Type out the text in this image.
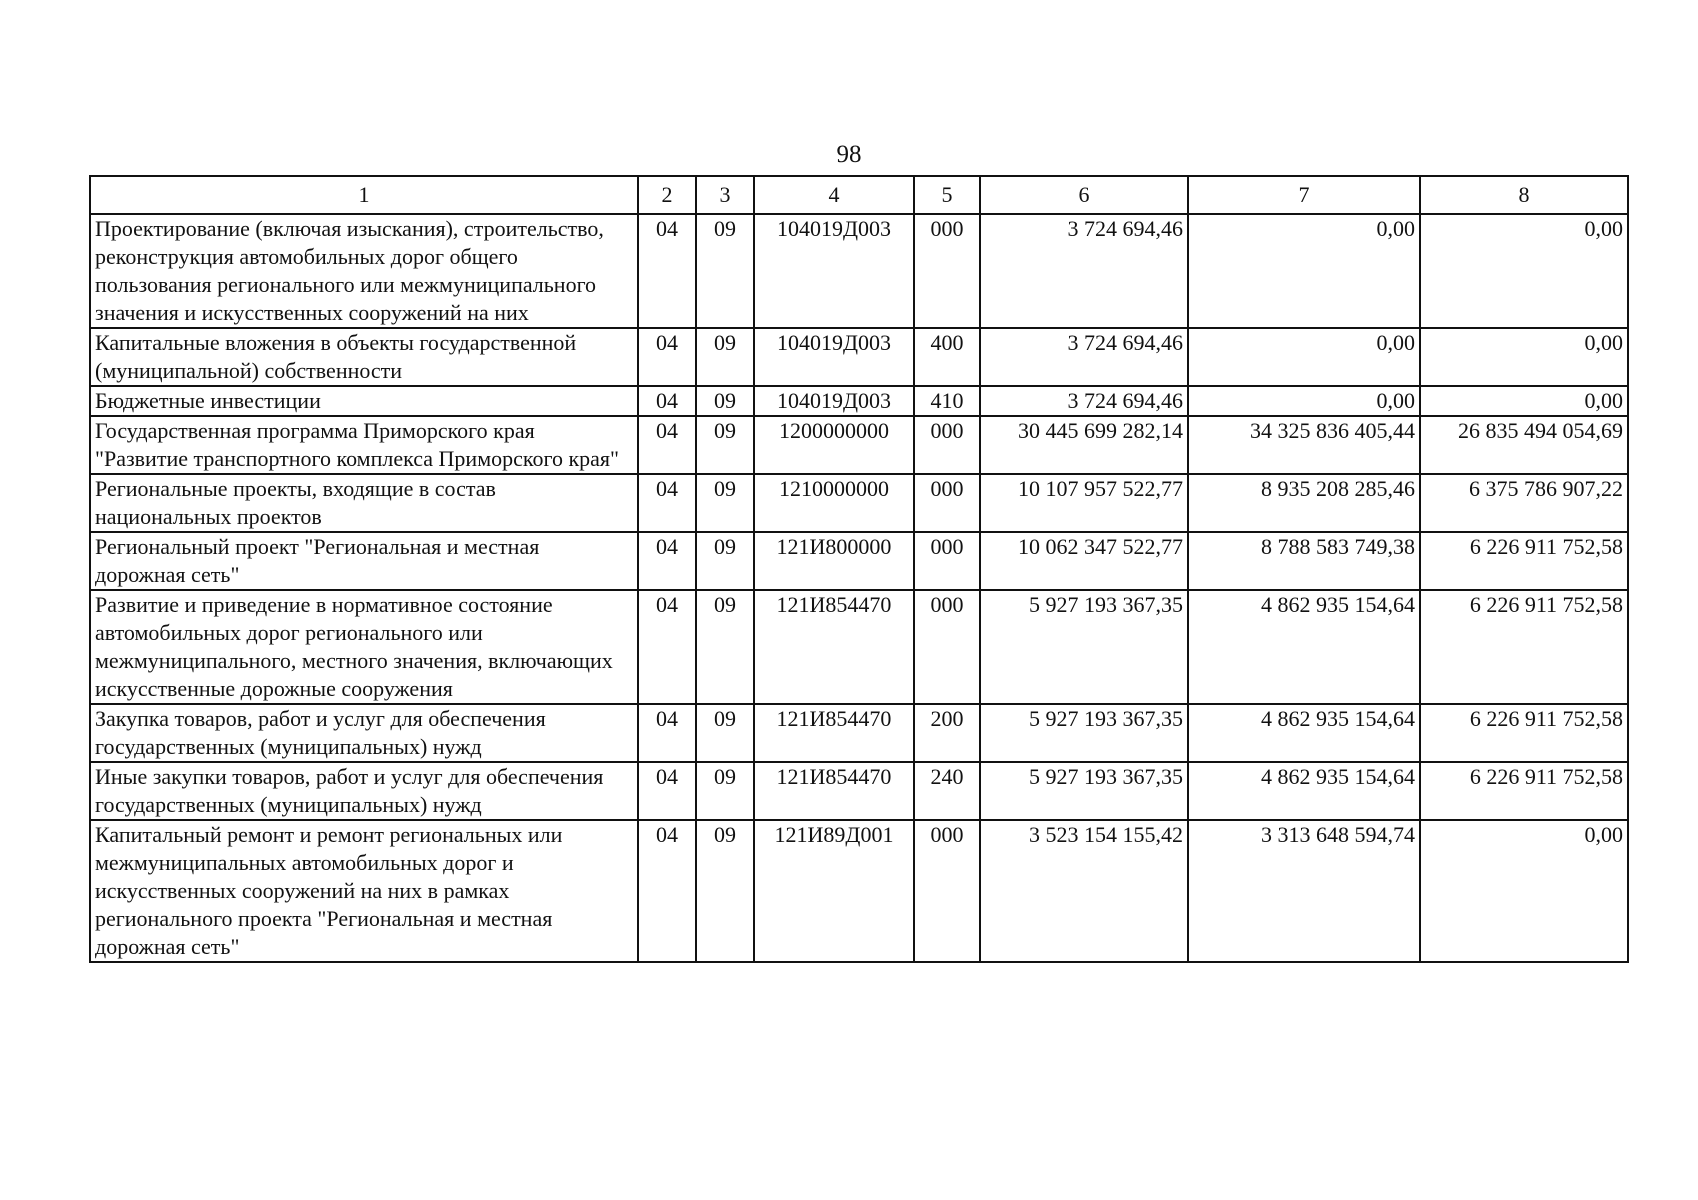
98
1	2	3	4	5	6	7	8
Проектирование (включая изыскания), строительство, реконструкция автомобильных дорог общего пользования регионального или межмуниципального значения и искусственных сооружений на них	04	09	104019Д003	000	3 724 694,46	0,00	0,00
Капитальные вложения в объекты государственной (муниципальной) собственности	04	09	104019Д003	400	3 724 694,46	0,00	0,00
Бюджетные инвестиции	04	09	104019Д003	410	3 724 694,46	0,00	0,00
Государственная программа Приморского края "Развитие транспортного комплекса Приморского края"	04	09	1200000000	000	30 445 699 282,14	34 325 836 405,44	26 835 494 054,69
Региональные проекты, входящие в состав национальных проектов	04	09	1210000000	000	10 107 957 522,77	8 935 208 285,46	6 375 786 907,22
Региональный проект "Региональная и местная дорожная сеть"	04	09	121И800000	000	10 062 347 522,77	8 788 583 749,38	6 226 911 752,58
Развитие и приведение в нормативное состояние автомобильных дорог регионального или межмуниципального, местного значения, включающих искусственные дорожные сооружения	04	09	121И854470	000	5 927 193 367,35	4 862 935 154,64	6 226 911 752,58
Закупка товаров, работ и услуг для обеспечения государственных (муниципальных) нужд	04	09	121И854470	200	5 927 193 367,35	4 862 935 154,64	6 226 911 752,58
Иные закупки товаров, работ и услуг для обеспечения государственных (муниципальных) нужд	04	09	121И854470	240	5 927 193 367,35	4 862 935 154,64	6 226 911 752,58
Капитальный ремонт и ремонт региональных или межмуниципальных автомобильных дорог и искусственных сооружений на них в рамках регионального проекта "Региональная и местная дорожная сеть"	04	09	121И89Д001	000	3 523 154 155,42	3 313 648 594,74	0,00
